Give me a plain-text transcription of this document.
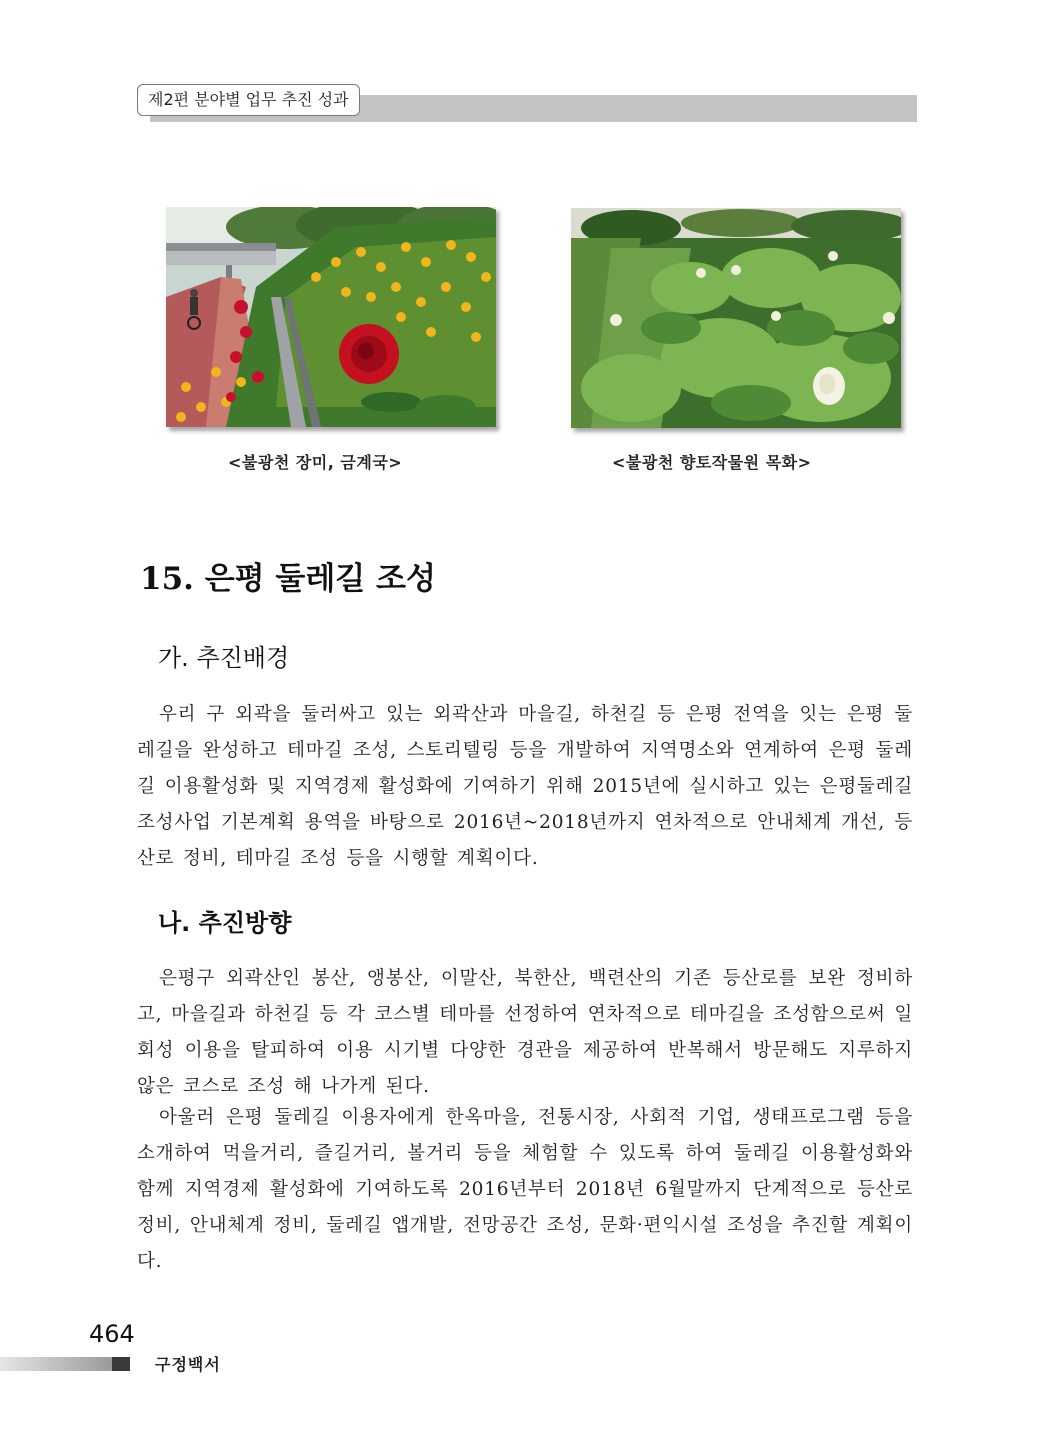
제2편 분야별 업무 추진 성과
<불광천 장미, 금계국>	<불광천 향토작물원 목화>
15. 은평 둘레길 조성
가. 추진배경

우리 구 외곽을 둘러싸고 있는 외곽산과 마을길, 하천길 등 은평 전역을 잇는 은평 둘레길을 완성하고 테마길 조성, 스토리텔링 등을 개발하여 지역명소와 연계하여 은평 둘레길 이용활성화 및 지역경제 활성화에 기여하기 위해 2015년에 실시하고 있는 은평둘레길 조성사업 기본계획 용역을 바탕으로 2016년~2018년까지 연차적으로 안내체계 개선, 등산로 정비, 테마길 조성 등을 시행할 계획이다.

나. 추진방향

은평구 외곽산인 봉산, 앵봉산, 이말산, 북한산, 백련산의 기존 등산로를 보완 정비하고, 마을길과 하천길 등 각 코스별 테마를 선정하여 연차적으로 테마길을 조성함으로써 일회성 이용을 탈피하여 이용 시기별 다양한 경관을 제공하여 반복해서 방문해도 지루하지 않은 코스로 조성 해 나가게 된다.

아울러 은평 둘레길 이용자에게 한옥마을, 전통시장, 사회적 기업, 생태프로그램 등을 소개하여 먹을거리, 즐길거리, 볼거리 등을 체험할 수 있도록 하여 둘레길 이용활성화와 함께 지역경제 활성화에 기여하도록 2016년부터 2018년 6월말까지 단계적으로 등산로 정비, 안내체계 정비, 둘레길 앱개발, 전망공간 조성, 문화·편익시설 조성을 추진할 계획이다.

464
구정백서
